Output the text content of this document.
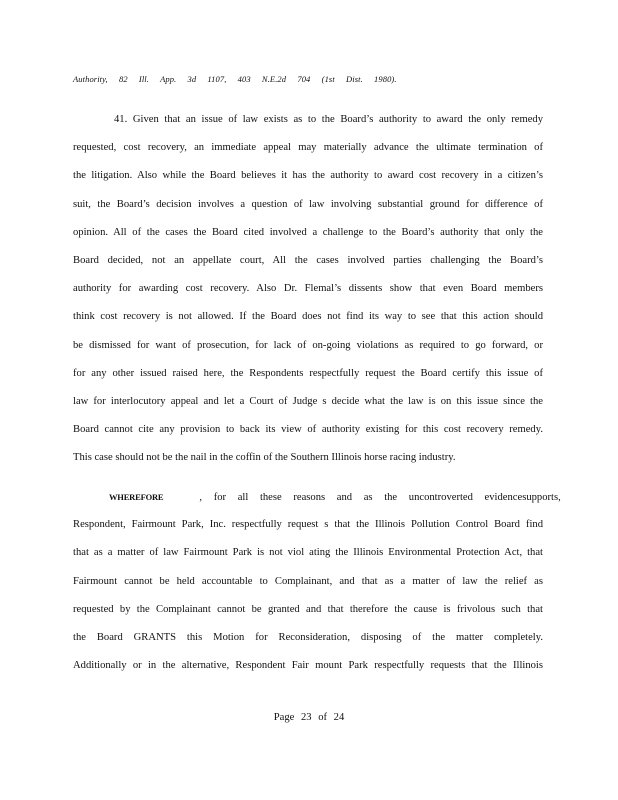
Authority, 82 Ill. App. 3d 1107, 403 N.E.2d 704 (1st Dist. 1980).
41. Given that an issue of law exists as to the Board’s authority to award the only remedy
requested, cost recovery, an immediate appeal may materially advance the ultimate termination of
the litigation. Also while the Board believes it has the authority to award cost recovery in a citizen’s
suit, the Board’s decision involves a question of law involving substantial ground for difference of
opinion. All of the cases the Board cited involved a challenge to the Board’s authority that only the
Board decided, not an appellate court, All the cases involved parties challenging the Board’s
authority for awarding cost recovery. Also Dr. Flemal’s dissents show that even Board members
think cost recovery is not allowed. If the Board does not find its way to see that this action should
be dismissed for want of prosecution, for lack of on-going violations as required to go forward, or
for any other issued raised here, the Respondents respectfully request the Board certify this issue of
law for interlocutory appeal and let a Court of Judge s decide what the law is on this issue since the
Board cannot cite any provision to back its view of authority existing for this cost recovery remedy.
This case should not be the nail in the coffin of the Southern Illinois horse racing industry.
WHEREFORE	, for all these reasons and as the uncontroverted evidencesupports,
Respondent, Fairmount Park, Inc. respectfully request s that the Illinois Pollution Control Board find
that as a matter of law Fairmount Park is not viol ating the Illinois Environmental Protection Act, that
Fairmount cannot be held accountable to Complainant, and that as a matter of law the relief as
requested by the Complainant cannot be granted and that therefore the cause is frivolous such that
the Board GRANTS this Motion for Reconsideration, disposing of the matter completely.
Additionally or in the alternative, Respondent Fair mount Park respectfully requests that the Illinois
Page 23 of 24
